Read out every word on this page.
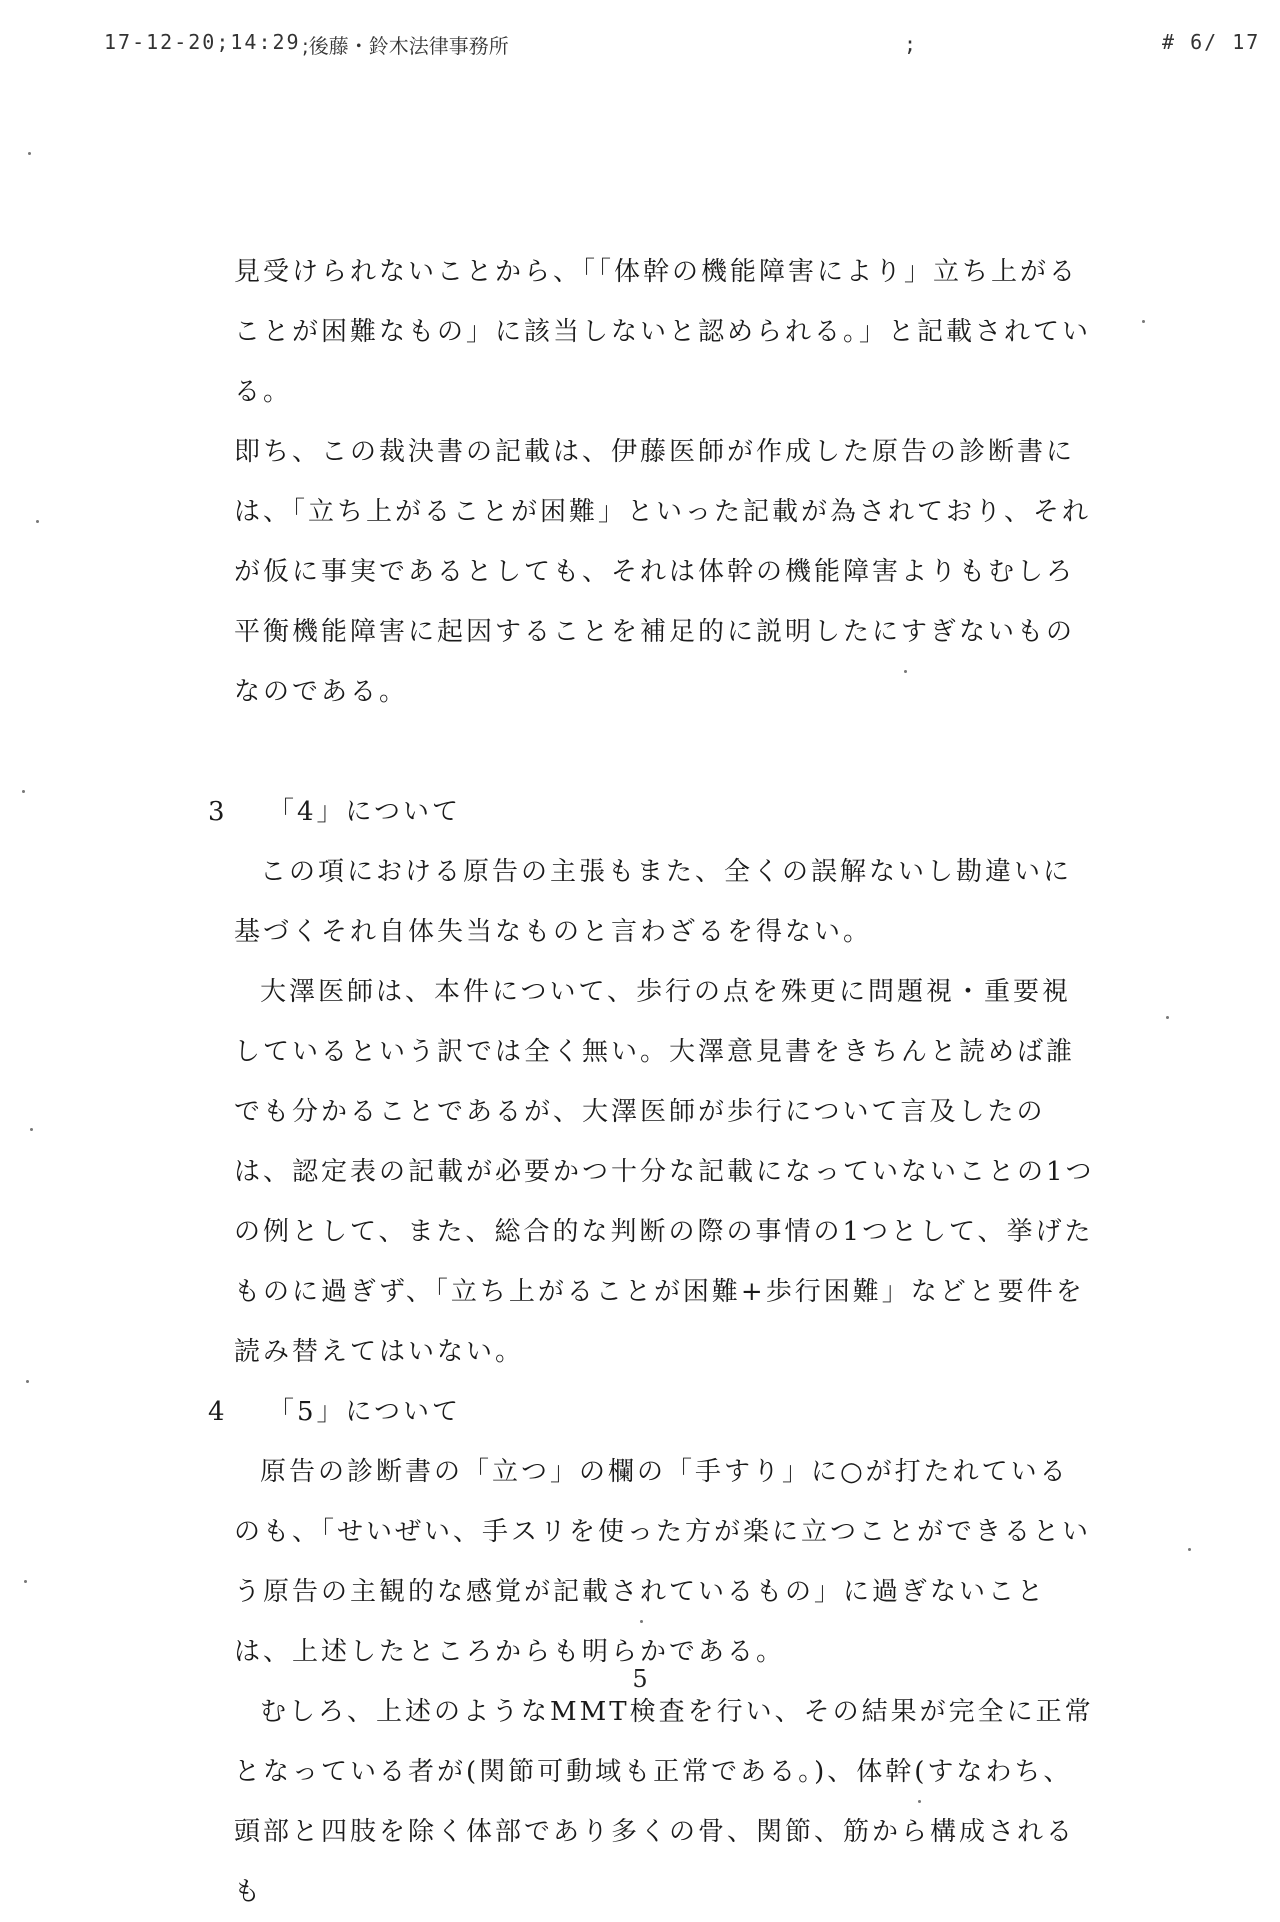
17-12-20;14:29 ;後藤・鈴木法律事務所	;	# 6/ 17

見受けられないことから、「「体幹の機能障害により」立ち上がることが困難なもの」に該当しないと認められる。」と記載されている。

即ち、この裁決書の記載は、伊藤医師が作成した原告の診断書には、「立ち上がることが困難」といった記載が為されており、それが仮に事実であるとしても、それは体幹の機能障害よりもむしろ平衡機能障害に起因することを補足的に説明したにすぎないものなのである。

3 「4」について

この項における原告の主張もまた、全くの誤解ないし勘違いに基づくそれ自体失当なものと言わざるを得ない。

大澤医師は、本件について、歩行の点を殊更に問題視・重要視しているという訳では全く無い。大澤意見書をきちんと読めば誰でも分かることであるが、大澤医師が歩行について言及したのは、認定表の記載が必要かつ十分な記載になっていないことの1つの例として、また、総合的な判断の際の事情の1つとして、挙げたものに過ぎず、「立ち上がることが困難+歩行困難」などと要件を読み替えてはいない。

4 「5」について

原告の診断書の「立つ」の欄の「手すり」に○が打たれているのも、「せいぜい、手スリを使った方が楽に立つことができるという原告の主観的な感覚が記載されているもの」に過ぎないことは、上述したところからも明らかである。

むしろ、上述のようなMMT検査を行い、その結果が完全に正常となっている者が(関節可動域も正常である。)、体幹(すなわち、頭部と四肢を除く体部であり多くの骨、関節、筋から構成されるも

5
